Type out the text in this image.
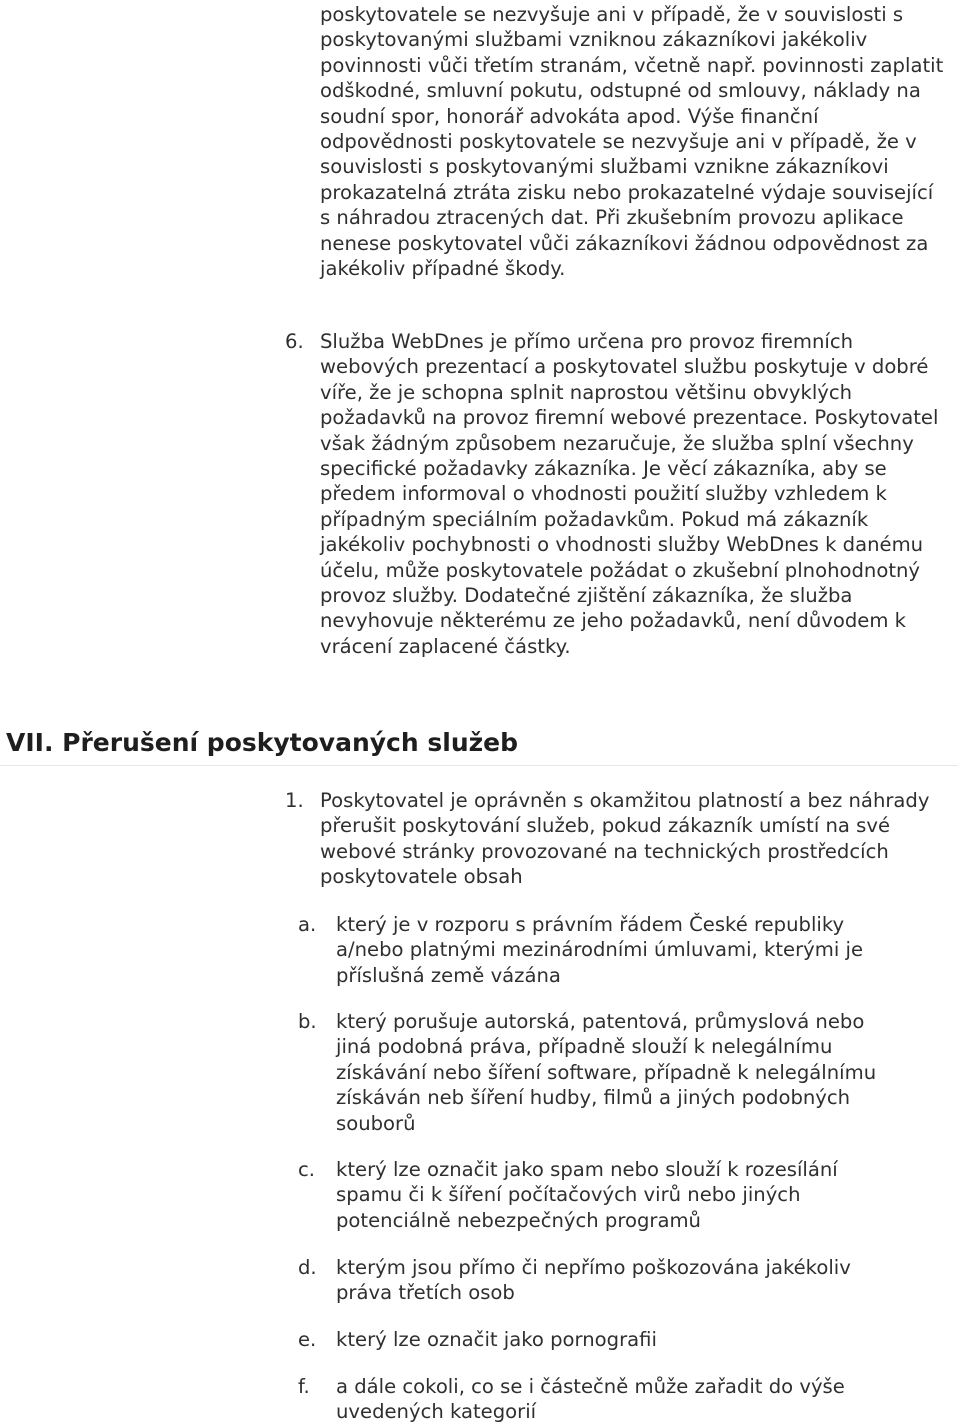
poskytovatele se nezvyšuje ani v případě, že v souvislosti s poskytovanými službami vzniknou zákazníkovi jakékoliv povinnosti vůči třetím stranám, včetně např. povinnosti zaplatit odškodné, smluvní pokutu, odstupné od smlouvy, náklady na soudní spor, honorář advokáta apod. Výše finanční odpovědnosti poskytovatele se nezvyšuje ani v případě, že v souvislosti s poskytovanými službami vznikne zákazníkovi prokazatelná ztráta zisku nebo prokazatelné výdaje související s náhradou ztracených dat. Při zkušebním provozu aplikace nenese poskytovatel vůči zákazníkovi žádnou odpovědnost za jakékoliv případné škody.
6. Služba WebDnes je přímo určena pro provoz firemních webových prezentací a poskytovatel službu poskytuje v dobré víře, že je schopna splnit naprostou většinu obvyklých požadavků na provoz firemní webové prezentace. Poskytovatel však žádným způsobem nezaručuje, že služba splní všechny specifické požadavky zákazníka. Je věcí zákazníka, aby se předem informoval o vhodnosti použití služby vzhledem k případným speciálním požadavkům. Pokud má zákazník jakékoliv pochybnosti o vhodnosti služby WebDnes k danému účelu, může poskytovatele požádat o zkušební plnohodnotný provoz služby. Dodatečné zjištění zákazníka, že služba nevyhovuje některému ze jeho požadavků, není důvodem k vrácení zaplacené částky.
VII. Přerušení poskytovaných služeb
1. Poskytovatel je oprávněn s okamžitou platností a bez náhrady přerušit poskytování služeb, pokud zákazník umístí na své webové stránky provozované na technických prostředcích poskytovatele obsah
a. který je v rozporu s právním řádem České republiky a/nebo platnými mezinárodními úmluvami, kterými je příslušná země vázána
b. který porušuje autorská, patentová, průmyslová nebo jiná podobná práva, případně slouží k nelegálnímu získávání nebo šíření software, případně k nelegálnímu získáván neb šíření hudby, filmů a jiných podobných souborů
c. který lze označit jako spam nebo slouží k rozesílání spamu či k šíření počítačových virů nebo jiných potenciálně nebezpečných programů
d. kterým jsou přímo či nepřímo poškozována jakékoliv práva třetích osob
e. který lze označit jako pornografii
f. a dále cokoli, co se i částečně může zařadit do výše uvedených kategorií
